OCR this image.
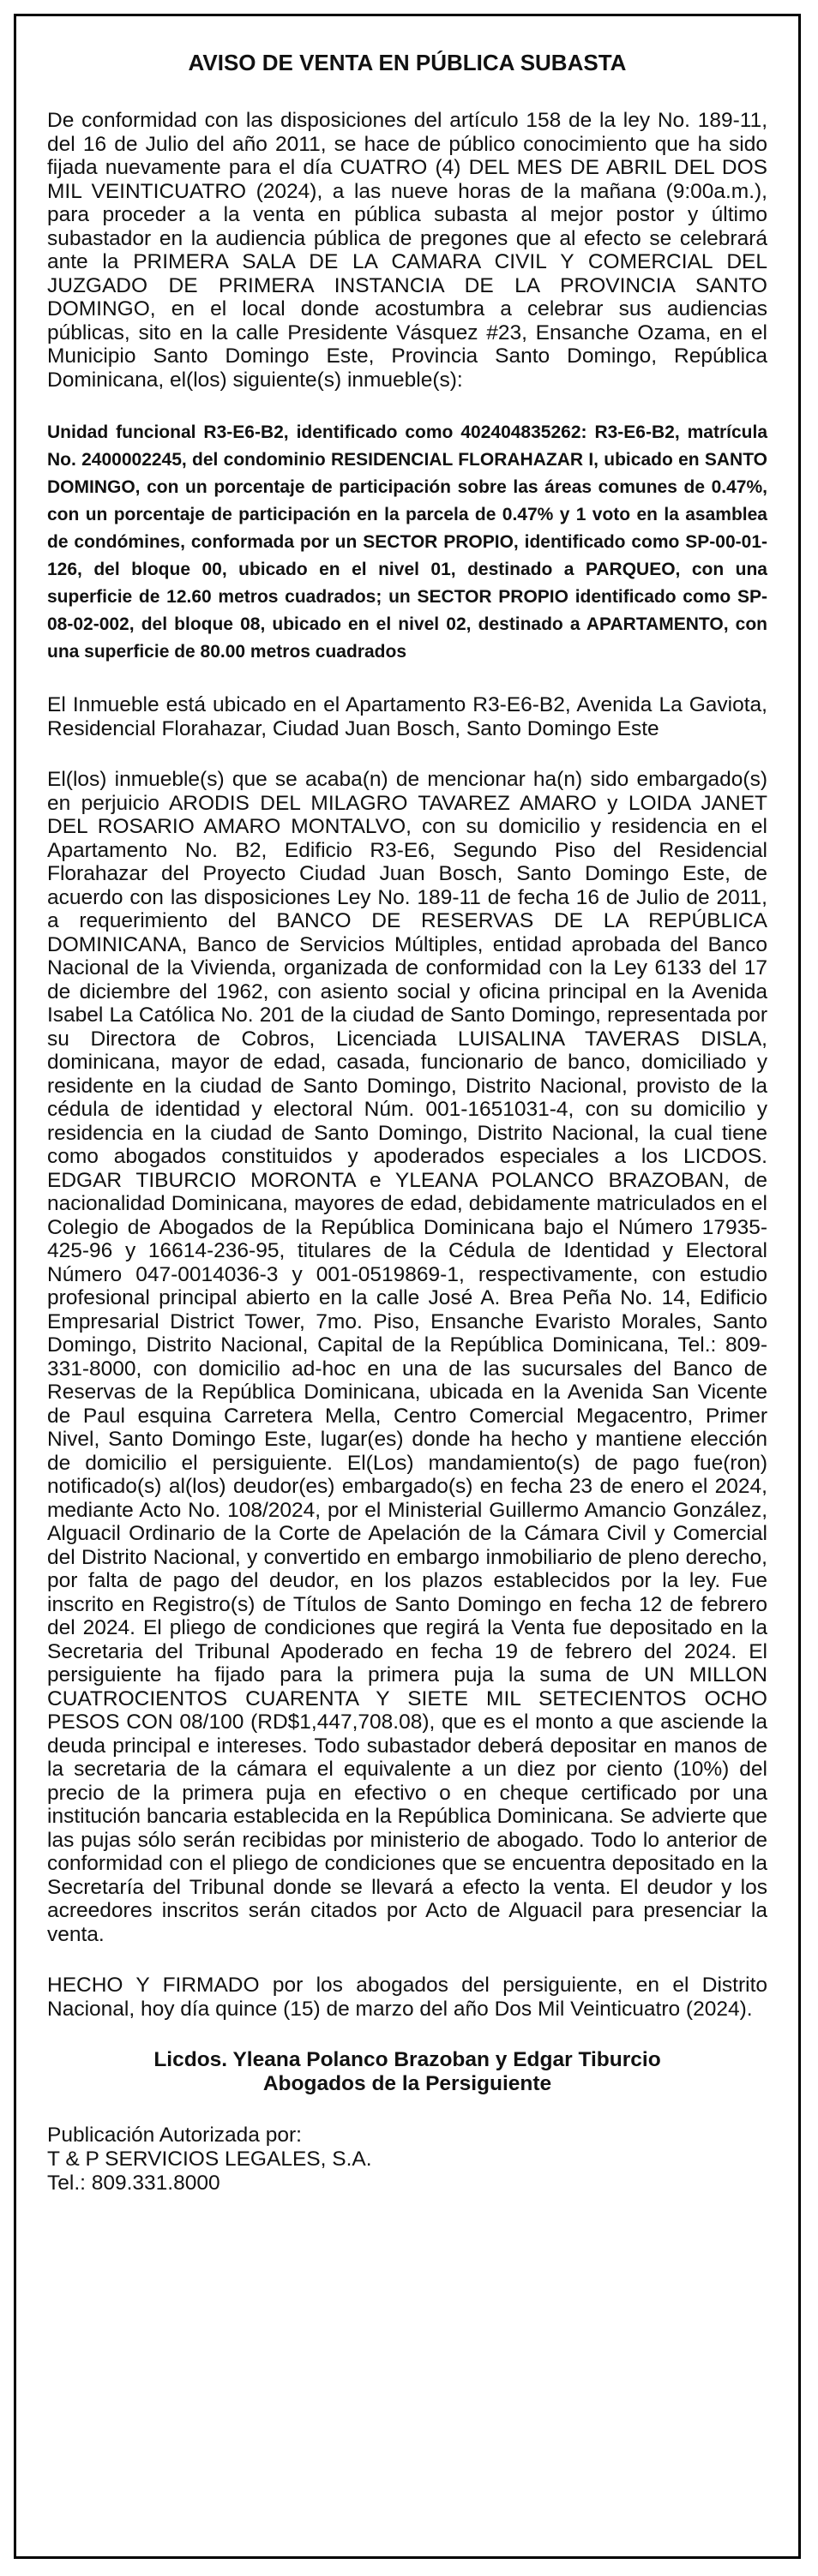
AVISO DE VENTA EN PÚBLICA SUBASTA

De conformidad con las disposiciones del artículo 158 de la ley No. 189-11, del 16 de Julio del año 2011, se hace de público conocimiento que ha sido fijada nuevamente para el día CUATRO (4) DEL MES DE ABRIL DEL DOS MIL VEINTICUATRO (2024), a las nueve horas de la mañana (9:00a.m.), para proceder a la venta en pública subasta al mejor postor y último subastador en la audiencia pública de pregones que al efecto se celebrará ante la PRIMERA SALA DE LA CAMARA CIVIL Y COMERCIAL DEL JUZGADO DE PRIMERA INSTANCIA DE LA PROVINCIA SANTO DOMINGO, en el local donde acostumbra a celebrar sus audiencias públicas, sito en la calle Presidente Vásquez #23, Ensanche Ozama, en el Municipio Santo Domingo Este, Provincia Santo Domingo, República Dominicana, el(los) siguiente(s) inmueble(s):

Unidad funcional R3-E6-B2, identificado como 402404835262: R3-E6-B2, matrícula No. 2400002245, del condominio RESIDENCIAL FLORAHAZAR I, ubicado en SANTO DOMINGO, con un porcentaje de participación sobre las áreas comunes de 0.47%, con un porcentaje de participación en la parcela de 0.47% y 1 voto en la asamblea de condómines, conformada por un SECTOR PROPIO, identificado como SP-00-01-126, del bloque 00, ubicado en el nivel 01, destinado a PARQUEO, con una superficie de 12.60 metros cuadrados; un SECTOR PROPIO identificado como SP-08-02-002, del bloque 08, ubicado en el nivel 02, destinado a APARTAMENTO, con una superficie de 80.00 metros cuadrados

El Inmueble está ubicado en el Apartamento R3-E6-B2, Avenida La Gaviota, Residencial Florahazar, Ciudad Juan Bosch, Santo Domingo Este

El(los) inmueble(s) que se acaba(n) de mencionar ha(n) sido embargado(s) en perjuicio ARODIS DEL MILAGRO TAVAREZ AMARO y LOIDA JANET DEL ROSARIO AMARO MONTALVO, con su domicilio y residencia en el Apartamento No. B2, Edificio R3-E6, Segundo Piso del Residencial Florahazar del Proyecto Ciudad Juan Bosch, Santo Domingo Este, de acuerdo con las disposiciones Ley No. 189-11 de fecha 16 de Julio de 2011, a requerimiento del BANCO DE RESERVAS DE LA REPÚBLICA DOMINICANA, Banco de Servicios Múltiples, entidad aprobada del Banco Nacional de la Vivienda, organizada de conformidad con la Ley 6133 del 17 de diciembre del 1962, con asiento social y oficina principal en la Avenida Isabel La Católica No. 201 de la ciudad de Santo Domingo, representada por su Directora de Cobros, Licenciada LUISALINA TAVERAS DISLA, dominicana, mayor de edad, casada, funcionario de banco, domiciliado y residente en la ciudad de Santo Domingo, Distrito Nacional, provisto de la cédula de identidad y electoral Núm. 001-1651031-4, con su domicilio y residencia en la ciudad de Santo Domingo, Distrito Nacional, la cual tiene como abogados constituidos y apoderados especiales a los LICDOS. EDGAR TIBURCIO MORONTA e YLEANA POLANCO BRAZOBAN, de nacionalidad Dominicana, mayores de edad, debidamente matriculados en el Colegio de Abogados de la República Dominicana bajo el Número 17935-425-96 y 16614-236-95, titulares de la Cédula de Identidad y Electoral Número 047-0014036-3 y 001-0519869-1, respectivamente, con estudio profesional principal abierto en la calle José A. Brea Peña No. 14, Edificio Empresarial District Tower, 7mo. Piso, Ensanche Evaristo Morales, Santo Domingo, Distrito Nacional, Capital de la República Dominicana, Tel.: 809-331-8000, con domicilio ad-hoc en una de las sucursales del Banco de Reservas de la República Dominicana, ubicada en la Avenida San Vicente de Paul esquina Carretera Mella, Centro Comercial Megacentro, Primer Nivel, Santo Domingo Este, lugar(es) donde ha hecho y mantiene elección de domicilio el persiguiente. El(Los) mandamiento(s) de pago fue(ron) notificado(s) al(los) deudor(es) embargado(s) en fecha 23 de enero el 2024, mediante Acto No. 108/2024, por el Ministerial Guillermo Amancio González, Alguacil Ordinario de la Corte de Apelación de la Cámara Civil y Comercial del Distrito Nacional, y convertido en embargo inmobiliario de pleno derecho, por falta de pago del deudor, en los plazos establecidos por la ley. Fue inscrito en Registro(s) de Títulos de Santo Domingo en fecha 12 de febrero del 2024. El pliego de condiciones que regirá la Venta fue depositado en la Secretaria del Tribunal Apoderado en fecha 19 de febrero del 2024. El persiguiente ha fijado para la primera puja la suma de UN MILLON CUATROCIENTOS CUARENTA Y SIETE MIL SETECIENTOS OCHO PESOS CON 08/100 (RD$1,447,708.08), que es el monto a que asciende la deuda principal e intereses. Todo subastador deberá depositar en manos de la secretaria de la cámara el equivalente a un diez por ciento (10%) del precio de la primera puja en efectivo o en cheque certificado por una institución bancaria establecida en la República Dominicana. Se advierte que las pujas sólo serán recibidas por ministerio de abogado. Todo lo anterior de conformidad con el pliego de condiciones que se encuentra depositado en la Secretaría del Tribunal donde se llevará a efecto la venta. El deudor y los acreedores inscritos serán citados por Acto de Alguacil para presenciar la venta.

HECHO Y FIRMADO por los abogados del persiguiente, en el Distrito Nacional, hoy día quince (15) de marzo del año Dos Mil Veinticuatro (2024).

Licdos. Yleana Polanco Brazoban y Edgar Tiburcio
Abogados de la Persiguiente

Publicación Autorizada por:

T & P SERVICIOS LEGALES, S.A.

Tel.: 809.331.8000
